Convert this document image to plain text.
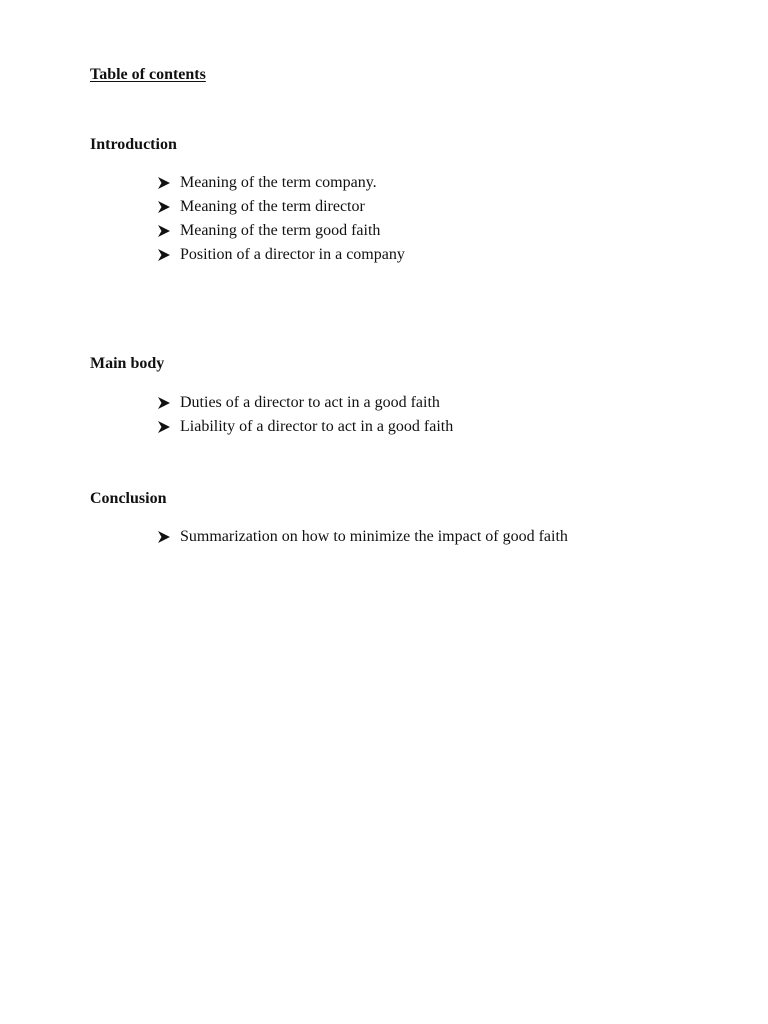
Table of contents

Introduction

Meaning of the term company.
Meaning of the term director
Meaning of the term good faith
Position of a director in a company

Main body

Duties of a director to act in a good faith
Liability of a director to act in a good faith

Conclusion

Summarization on how to minimize the impact of good faith
